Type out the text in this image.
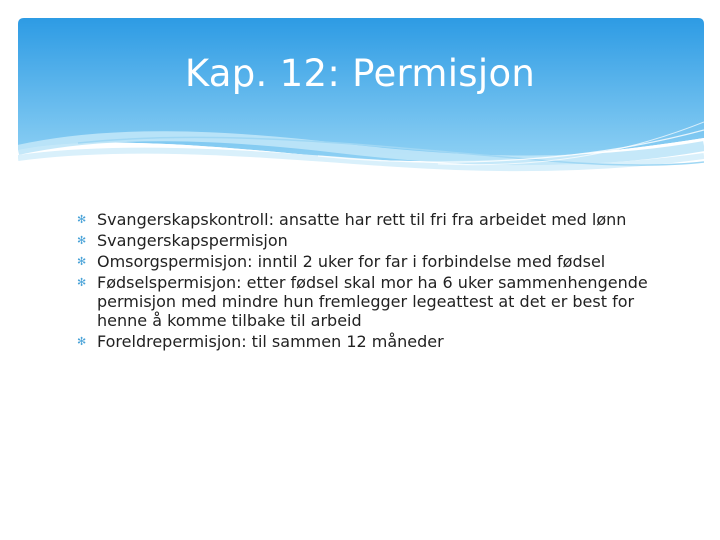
Kap. 12: Permisjon
✻ Svangerskapskontroll: ansatte har rett til fri fra arbeidet med lønn
✻ Svangerskapspermisjon
✻ Omsorgspermisjon: inntil 2 uker for far i forbindelse med fødsel
✻ Fødselspermisjon: etter fødsel skal mor ha 6 uker sammenhengende permisjon med mindre hun fremlegger legeattest at det er best for henne å komme tilbake til arbeid
✻ Foreldrepermisjon: til sammen 12 måneder
